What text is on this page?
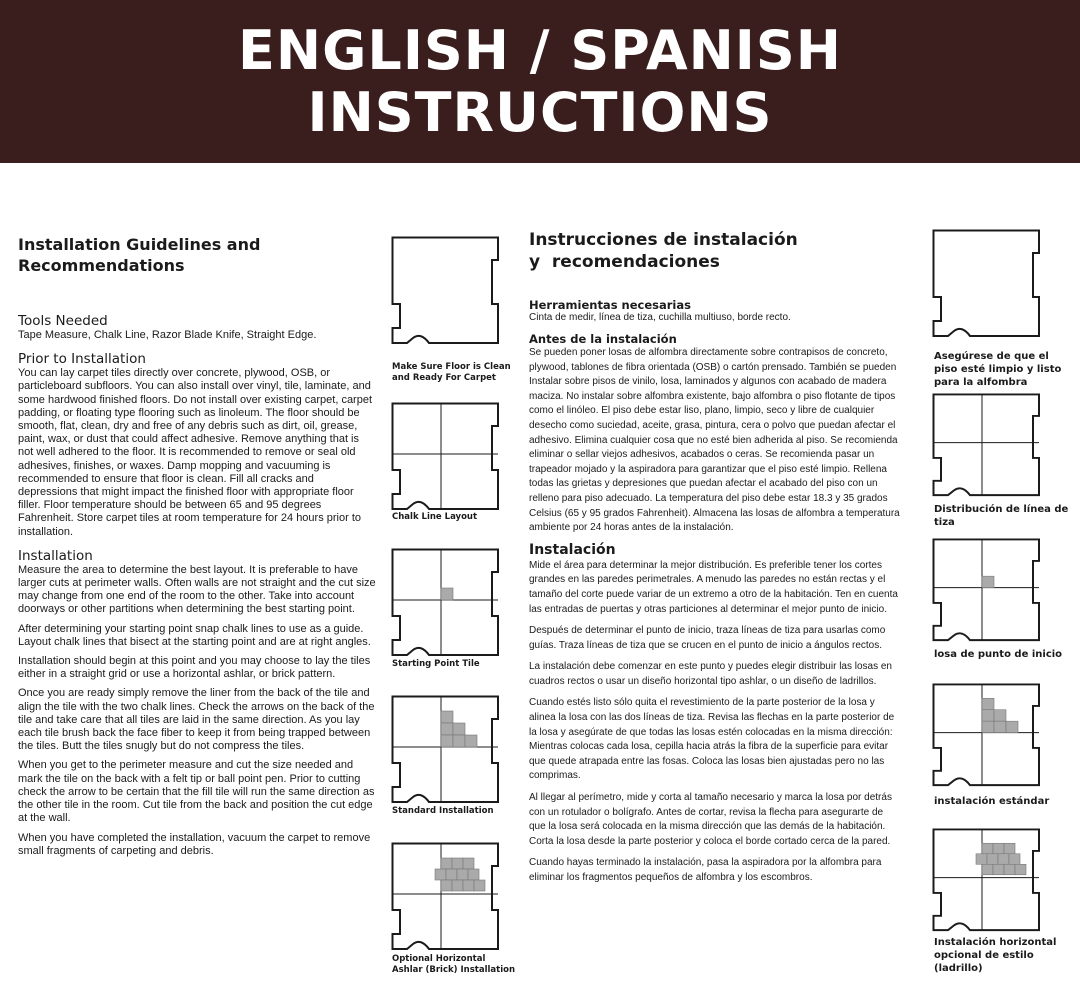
ENGLISH / SPANISH
INSTRUCTIONS
Installation Guidelines and Recommendations
Tools Needed
Tape Measure, Chalk Line, Razor Blade Knife, Straight Edge.
Prior to Installation
You can lay carpet tiles directly over concrete, plywood, OSB, or particleboard subfloors. You can also install over vinyl, tile, laminate, and some hardwood finished floors. Do not install over existing carpet, carpet padding, or floating type flooring such as linoleum. The floor should be smooth, flat, clean, dry and free of any debris such as dirt, oil, grease, paint, wax, or dust that could affect adhesive. Remove anything that is not well adhered to the floor. It is recommended to remove or seal old adhesives, finishes, or waxes. Damp mopping and vacuuming is recommended to ensure that floor is clean. Fill all cracks and depressions that might impact the finished floor with appropriate floor filler. Floor temperature should be between 65 and 95 degrees Fahrenheit. Store carpet tiles at room temperature for 24 hours prior to installation.
Installation
Measure the area to determine the best layout. It is preferable to have larger cuts at perimeter walls. Often walls are not straight and the cut size may change from one end of the room to the other. Take into account doorways or other partitions when determining the best starting point.
After determining your starting point snap chalk lines to use as a guide. Layout chalk lines that bisect at the starting point and are at right angles.
Installation should begin at this point and you may choose to lay the tiles either in a straight grid or use a horizontal ashlar, or brick pattern.
Once you are ready simply remove the liner from the back of the tile and align the tile with the two chalk lines. Check the arrows on the back of the tile and take care that all tiles are laid in the same direction. As you lay each tile brush back the face fiber to keep it from being trapped between the tiles. Butt the tiles snugly but do not compress the tiles.
When you get to the perimeter measure and cut the size needed and mark the tile on the back with a felt tip or ball point pen. Prior to cutting check the arrow to be certain that the fill tile will run the same direction as the other tile in the room. Cut tile from the back and position the cut edge at the wall.
When you have completed the installation, vacuum the carpet to remove small fragments of carpeting and debris.
Instrucciones de instalación
y  recomendaciones
Herramientas necesarias
Cinta de medir, línea de tiza, cuchilla multiuso, borde recto.
Antes de la instalación
Se pueden poner losas de alfombra directamente sobre contrapisos de concreto, plywood, tablones de fibra orientada (OSB) o cartón prensado. También se pueden Instalar sobre pisos de vinilo, losa, laminados y algunos con acabado de madera maciza. No instalar sobre alfombra existente, bajo alfombra o piso flotante de tipos como el linóleo. El piso debe estar liso, plano, limpio, seco y libre de cualquier desecho como suciedad, aceite, grasa, pintura, cera o polvo que puedan afectar el adhesivo. Elimina cualquier cosa que no esté bien adherida al piso. Se recomienda eliminar o sellar viejos adhesivos, acabados o ceras. Se recomienda pasar un trapeador mojado y la aspiradora para garantizar que el piso esté limpio. Rellena todas las grietas y depresiones que puedan afectar el acabado del piso con un relleno para piso adecuado. La temperatura del piso debe estar 18.3 y 35 grados Celsius (65 y 95 grados Fahrenheit). Almacena las losas de alfombra a temperatura ambiente por 24 horas antes de la instalación.
Instalación
Mide el área para determinar la mejor distribución. Es preferible tener los cortes grandes en las paredes perimetrales. A menudo las paredes no están rectas y el tamaño del corte puede variar de un extremo a otro de la habitación. Ten en cuenta las entradas de puertas y otras particiones al determinar el mejor punto de inicio.
Después de determinar el punto de inicio, traza líneas de tiza para usarlas como guías. Traza líneas de tiza que se crucen en el punto de inicio a ángulos rectos.
La instalación debe comenzar en este punto y puedes elegir distribuir las losas en cuadros rectos o usar un diseño horizontal tipo ashlar, o un diseño de ladrillos.
Cuando estés listo sólo quita el revestimiento de la parte posterior de la losa y alinea la losa con las dos líneas de tiza. Revisa las flechas en la parte posterior de la losa y asegúrate de que todas las losas estén colocadas en la misma dirección: Mientras colocas cada losa, cepilla hacia atrás la fibra de la superficie para evitar que quede atrapada entre las fosas. Coloca las losas bien ajustadas pero no las comprimas.
Al llegar al perímetro, mide y corta al tamaño necesario y marca la losa por detrás con un rotulador o bolígrafo. Antes de cortar, revisa la flecha para asegurarte de que la losa será colocada en la misma dirección que las demás de la habitación. Corta la losa desde la parte posterior y coloca el borde cortado cerca de la pared.
Cuando hayas terminado la instalación, pasa la aspiradora por la alfombra para eliminar los fragmentos pequeños de alfombra y los escombros.
Make Sure Floor is Clean and Ready For Carpet
Chalk Line Layout
Starting Point Tile
Standard Installation
Optional Horizontal Ashlar (Brick) Installation
Asegúrese de que el piso esté limpio y listo para la alfombra
Distribución de línea de tiza
losa de punto de inicio
instalación estándar
Instalación horizontal opcional de estilo (ladrillo)
